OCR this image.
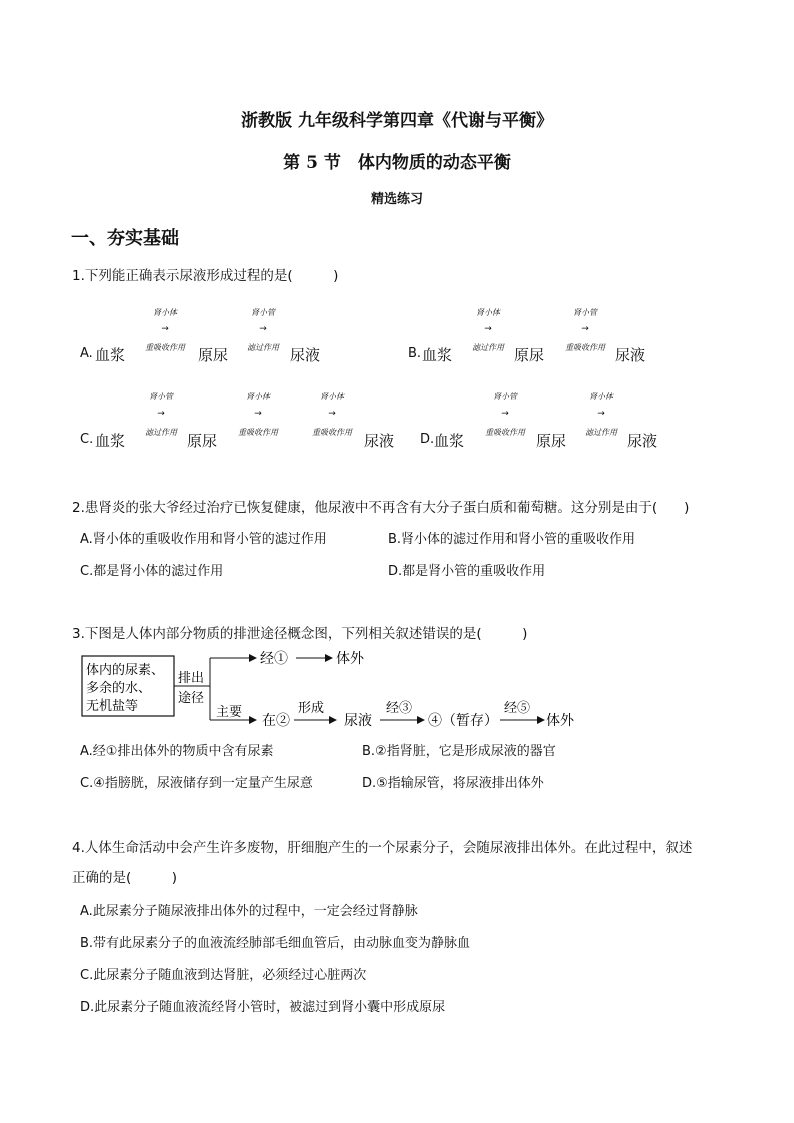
浙教版 九年级科学第四章《代谢与平衡》
第 5 节　体内物质的动态平衡
精选练习
一、夯实基础
1.下列能正确表示尿液形成过程的是(　　　)
A. 血浆
肾小体
→
重吸收作用 原尿
肾小管
→
滤过作用 尿液	B. 血浆
肾小体
→
滤过作用 原尿
肾小管
→
重吸收作用 尿液
C. 血浆
肾小管
→
滤过作用 原尿
肾小体
→
重吸收作用
肾小体
→
重吸收作用 尿液 D. 血浆
肾小管
→
重吸收作用 原尿
肾小体
→
滤过作用 尿液
2.患肾炎的张大爷经过治疗已恢复健康，他尿液中不再含有大分子蛋白质和葡萄糖。这分别是由于(　　)
A.肾小体的重吸收作用和肾小管的滤过作用	B.肾小体的滤过作用和肾小管的重吸收作用
C.都是肾小体的滤过作用	D.都是肾小管的重吸收作用
3.下图是人体内部分物质的排泄途径概念图，下列相关叙述错误的是(　　　)
体内的尿素、
多余的水、
无机盐等
排出
途径
经①	体外
主要
在②
形成
尿液
经③
④（暂存）
经⑤
体外
A.经①排出体外的物质中含有尿素	B.②指肾脏，它是形成尿液的器官
C.④指膀胱，尿液储存到一定量产生尿意	D.⑤指输尿管，将尿液排出体外
4.人体生命活动中会产生许多废物，肝细胞产生的一个尿素分子，会随尿液排出体外。在此过程中，叙述
正确的是(　　　)
A.此尿素分子随尿液排出体外的过程中，一定会经过肾静脉
B.带有此尿素分子的血液流经肺部毛细血管后，由动脉血变为静脉血
C.此尿素分子随血液到达肾脏，必须经过心脏两次
D.此尿素分子随血液流经肾小管时，被滤过到肾小囊中形成原尿
